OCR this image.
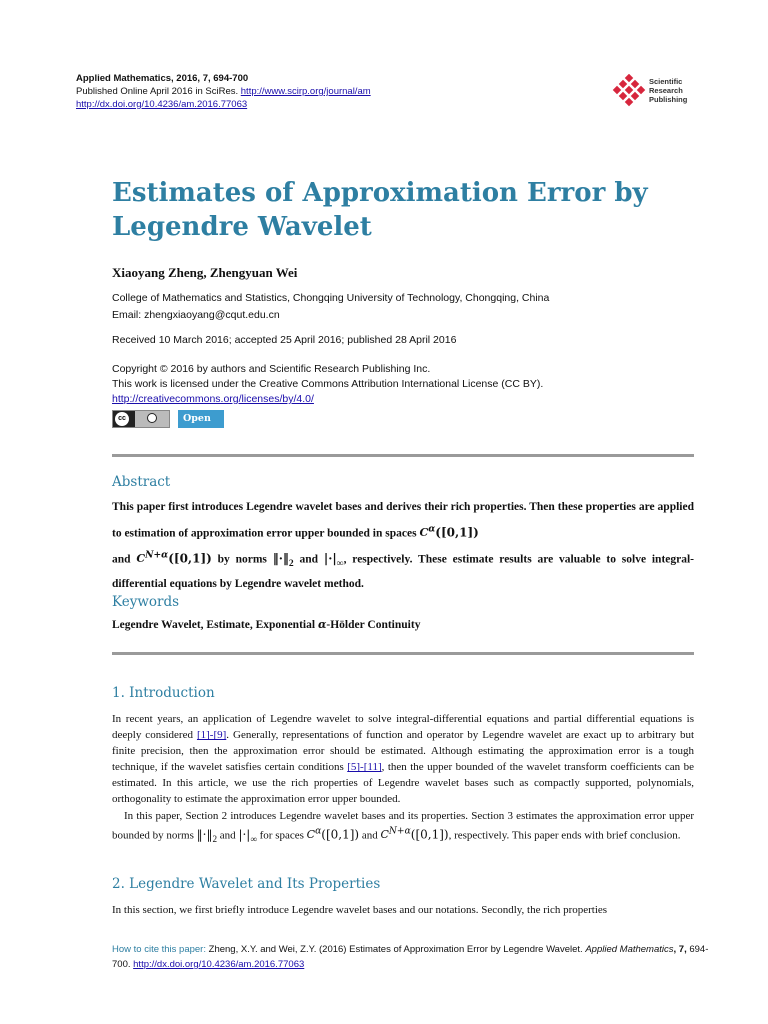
Applied Mathematics, 2016, 7, 694-700
Published Online April 2016 in SciRes. http://www.scirp.org/journal/am
http://dx.doi.org/10.4236/am.2016.77063
Scientific
Research
Publishing
Estimates of Approximation Error by
Legendre Wavelet
Xiaoyang Zheng, Zhengyuan Wei
College of Mathematics and Statistics, Chongqing University of Technology, Chongqing, China
Email: zhengxiaoyang@cqut.edu.cn
Received 10 March 2016; accepted 25 April 2016; published 28 April 2016
Copyright © 2016 by authors and Scientific Research Publishing Inc.
This work is licensed under the Creative Commons Attribution International License (CC BY).
http://creativecommons.org/licenses/by/4.0/
cc	Open Access
Abstract
This paper first introduces Legendre wavelet bases and derives their rich properties. Then these properties are applied to estimation of approximation error upper bounded in spaces $C^\alpha([0,1])$
and $C^{N+\alpha}([0,1])$ by norms $‖\cdot‖_2$ and $|\cdot|_\infty$, respectively. These estimate results are valuable to solve integral-differential equations by Legendre wavelet method.
Keywords
Legendre Wavelet, Estimate, Exponential α-Hölder Continuity
1. Introduction

In recent years, an application of Legendre wavelet to solve integral-differential equations and partial differential equations is deeply considered [1]-[9]. Generally, representations of function and operator by Legendre wavelet are exact up to arbitrary but finite precision, then the approximation error should be estimated. Although estimating the approximation error is a tough technique, if the wavelet satisfies certain conditions [5]-[11], then the upper bounded of the wavelet transform coefficients can be estimated. In this article, we use the rich properties of Legendre wavelet bases such as compactly supported, polynomials, orthogonality to estimate the approximation error upper bounded.

In this paper, Section 2 introduces Legendre wavelet bases and its properties. Section 3 estimates the approximation error upper bounded by norms $‖\cdot‖_2$ and $|\cdot|_\infty$ for spaces $C^\alpha([0,1])$ and $C^{N+\alpha}([0,1])$, respectively. This paper ends with brief conclusion.

2. Legendre Wavelet and Its Properties
In this section, we first briefly introduce Legendre wavelet bases and our notations. Secondly, the rich properties
How to cite this paper: Zheng, X.Y. and Wei, Z.Y. (2016) Estimates of Approximation Error by Legendre Wavelet. Applied Mathematics, 7, 694-700. http://dx.doi.org/10.4236/am.2016.77063
